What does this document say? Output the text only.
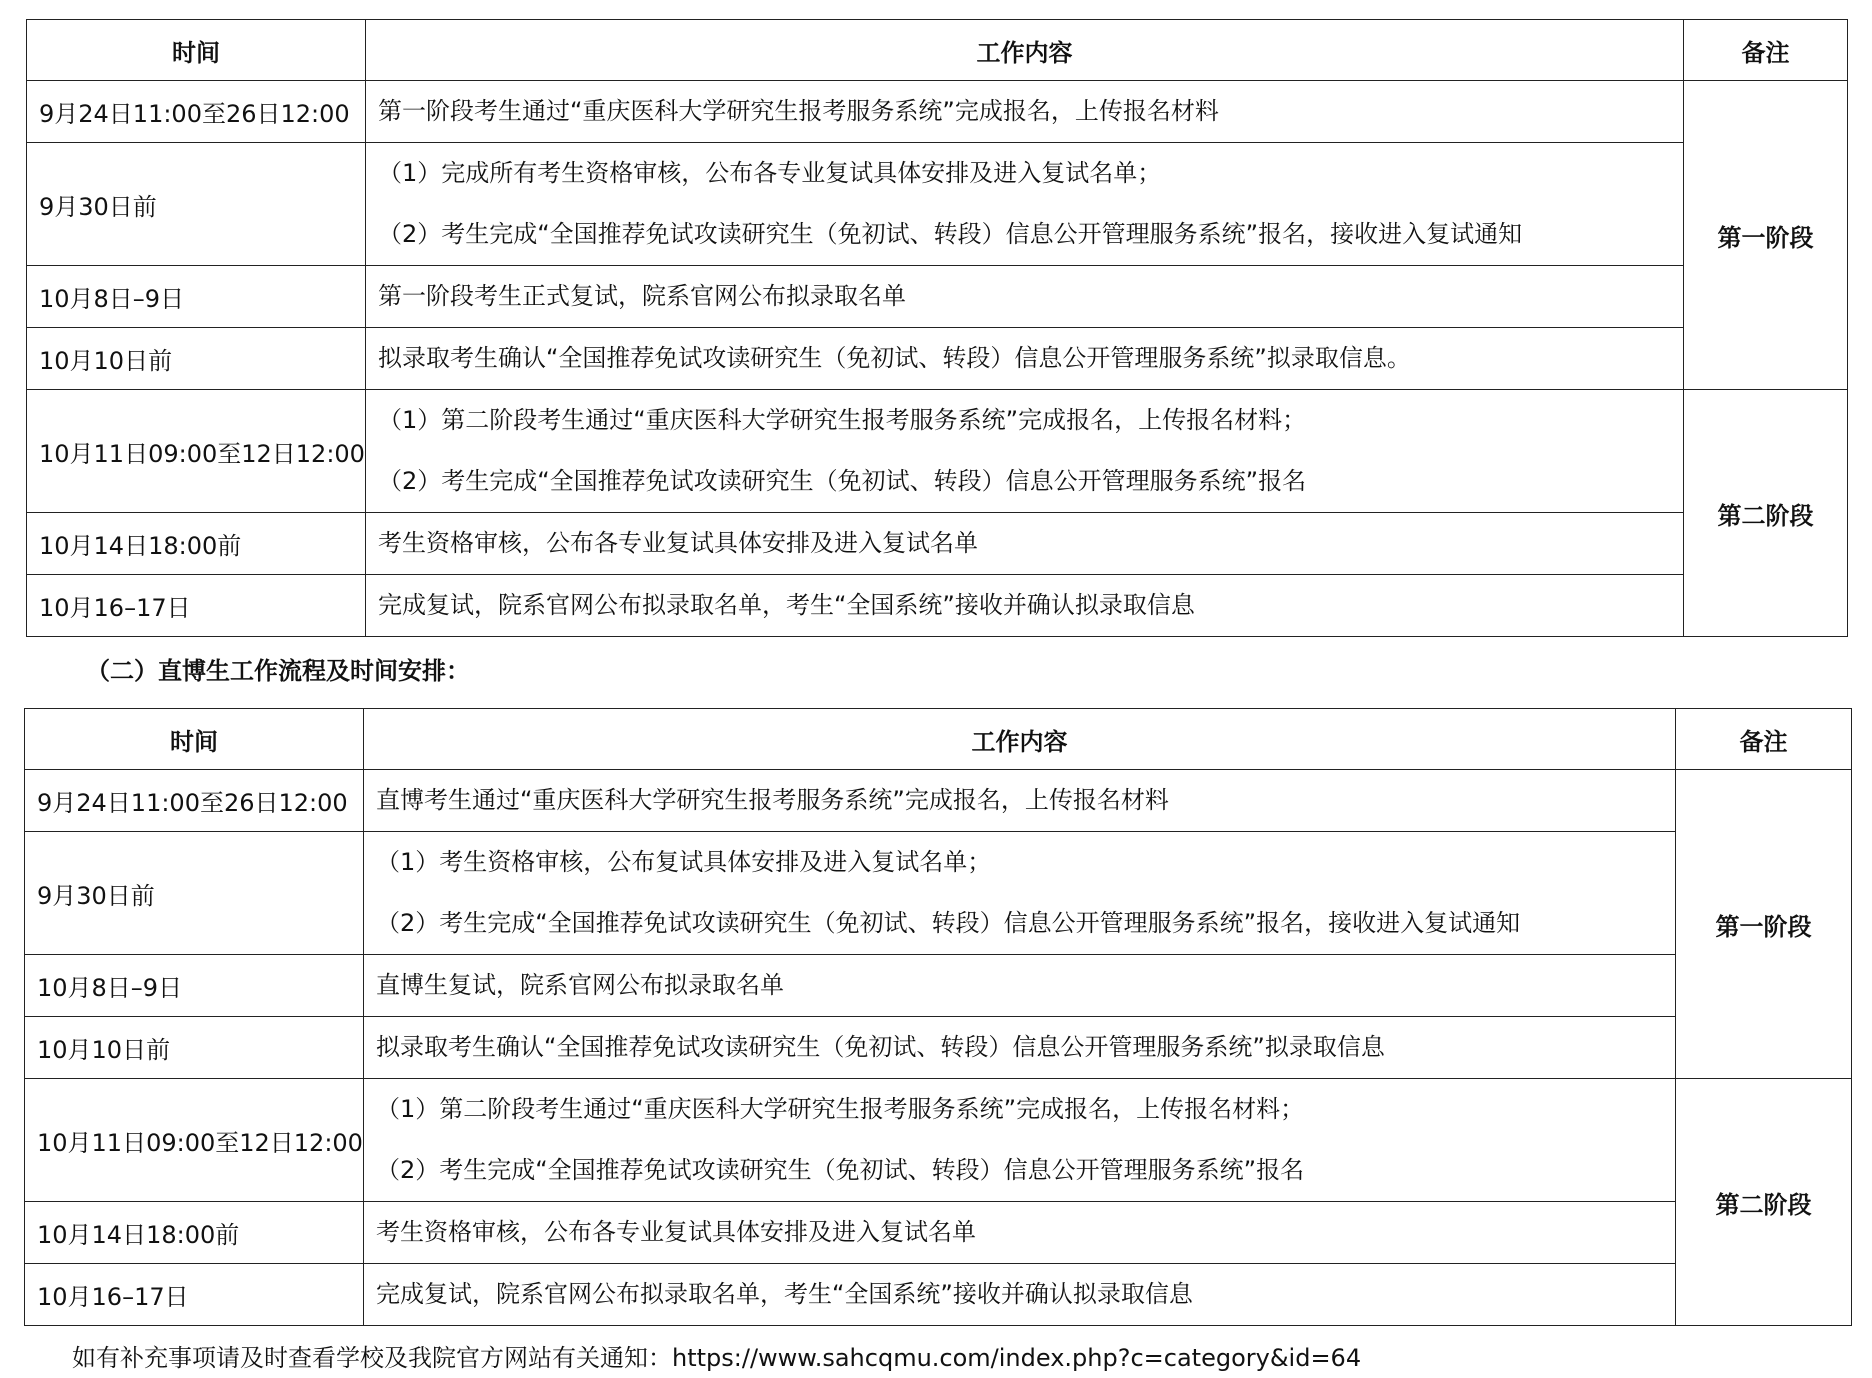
时间	工作内容	备注
9月24日11:00至26日12:00	第一阶段考生通过“重庆医科大学研究生报考服务系统”完成报名，上传报名材料	第一阶段
9月30日前	（1）完成所有考生资格审核，公布各专业复试具体安排及进入复试名单；
（2）考生完成“全国推荐免试攻读研究生（免初试、转段）信息公开管理服务系统”报名，接收进入复试通知	

10月8日–9日	第一阶段考生正式复试，院系官网公布拟录取名单	

10月10日前	拟录取考生确认“全国推荐免试攻读研究生（免初试、转段）信息公开管理服务系统”拟录取信息。	

10月11日09:00至12日12:00	（1）第二阶段考生通过“重庆医科大学研究生报考服务系统”完成报名，上传报名材料；
（2）考生完成“全国推荐免试攻读研究生（免初试、转段）信息公开管理服务系统”报名	第二阶段
10月14日18:00前	考生资格审核，公布各专业复试具体安排及进入复试名单	

10月16–17日	完成复试，院系官网公布拟录取名单，考生“全国系统”接收并确认拟录取信息	
（二）直博生工作流程及时间安排：
时间	工作内容	备注
9月24日11:00至26日12:00	直博考生通过“重庆医科大学研究生报考服务系统”完成报名，上传报名材料	第一阶段
9月30日前	（1）考生资格审核，公布复试具体安排及进入复试名单；
（2）考生完成“全国推荐免试攻读研究生（免初试、转段）信息公开管理服务系统”报名，接收进入复试通知	

10月8日–9日	直博生复试，院系官网公布拟录取名单	

10月10日前	拟录取考生确认“全国推荐免试攻读研究生（免初试、转段）信息公开管理服务系统”拟录取信息	

10月11日09:00至12日12:00	（1）第二阶段考生通过“重庆医科大学研究生报考服务系统”完成报名，上传报名材料；
（2）考生完成“全国推荐免试攻读研究生（免初试、转段）信息公开管理服务系统”报名	第二阶段
10月14日18:00前	考生资格审核，公布各专业复试具体安排及进入复试名单	

10月16–17日	完成复试，院系官网公布拟录取名单，考生“全国系统”接收并确认拟录取信息	
如有补充事项请及时查看学校及我院官方网站有关通知：https://www.sahcqmu.com/index.php?c=category&id=64
